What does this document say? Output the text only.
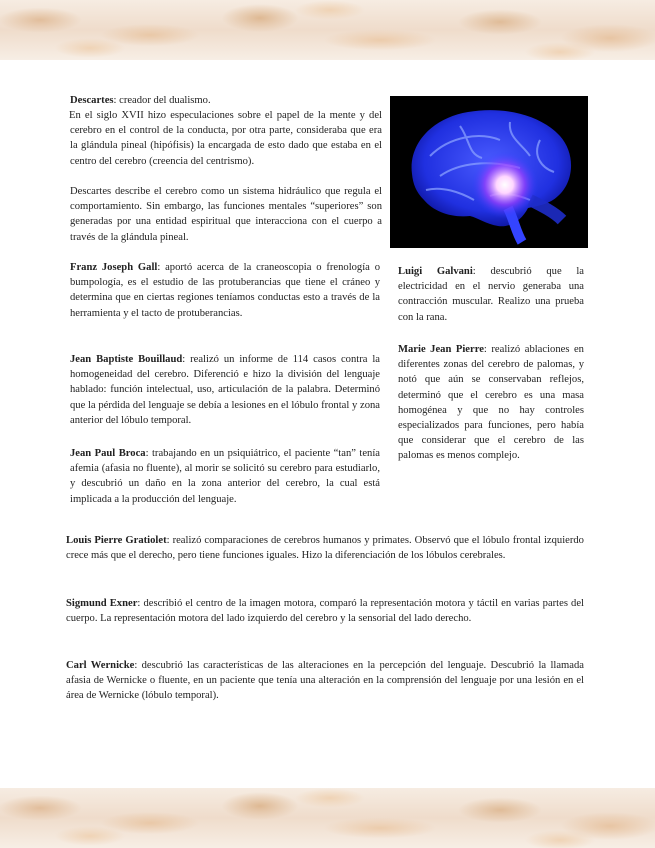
Descartes: creador del dualismo.

En el siglo XVII hizo especulaciones sobre el papel de la mente y del cerebro en el control de la conducta, por otra parte, consideraba que era la glándula pineal (hipófisis) la encargada de esto dado que estaba en el centro del cerebro (creencia del centrismo).

Descartes describe el cerebro como un sistema hidráulico que regula el comportamiento. Sin embargo, las funciones mentales “superiores” son generadas por una entidad espiritual que interacciona con el cuerpo a través de la glándula pineal.

Franz Joseph Gall: aportó acerca de la craneoscopia o frenología o bumpología, es el estudio de las protuberancias que tiene el cráneo y determina que en ciertas regiones teníamos conductas esto a través de la herramienta y el tacto de protuberancias.

Jean Baptiste Bouillaud: realizó un informe de 114 casos contra la homogeneidad del cerebro. Diferenció e hizo la división del lenguaje hablado: función intelectual, uso, articulación de la palabra. Determinó que la pérdida del lenguaje se debía a lesiones en el lóbulo frontal y zona anterior del lóbulo temporal.

Jean Paul Broca: trabajando en un psiquiátrico, el paciente “tan” tenía afemia (afasia no fluente), al morir se solicitó su cerebro para estudiarlo, y descubrió un daño en la zona anterior del cerebro, la cual está implicada a la producción del lenguaje.

Luigi Galvani: descubrió que la electricidad en el nervio generaba una contracción muscular. Realizo una prueba con la rana.

Marie Jean Pierre: realizó ablaciones en diferentes zonas del cerebro de palomas, y notó que aún se conservaban reflejos, determinó que el cerebro es una masa homogénea y que no hay controles especializados para funciones, pero había que considerar que el cerebro de las palomas es menos complejo.

Louis Pierre Gratiolet: realizó comparaciones de cerebros humanos y primates. Observó que el lóbulo frontal izquierdo crece más que el derecho, pero tiene funciones iguales. Hizo la diferenciación de los lóbulos cerebrales.

Sigmund Exner: describió el centro de la imagen motora, comparó la representación motora y táctil en varias partes del cuerpo. La representación motora del lado izquierdo del cerebro y la sensorial del lado derecho.

Carl Wernicke: descubrió las características de las alteraciones en la percepción del lenguaje. Descubrió la llamada afasia de Wernicke o fluente, en un paciente que tenía una alteración en la comprensión del lenguaje por una lesión en el área de Wernicke (lóbulo temporal).
